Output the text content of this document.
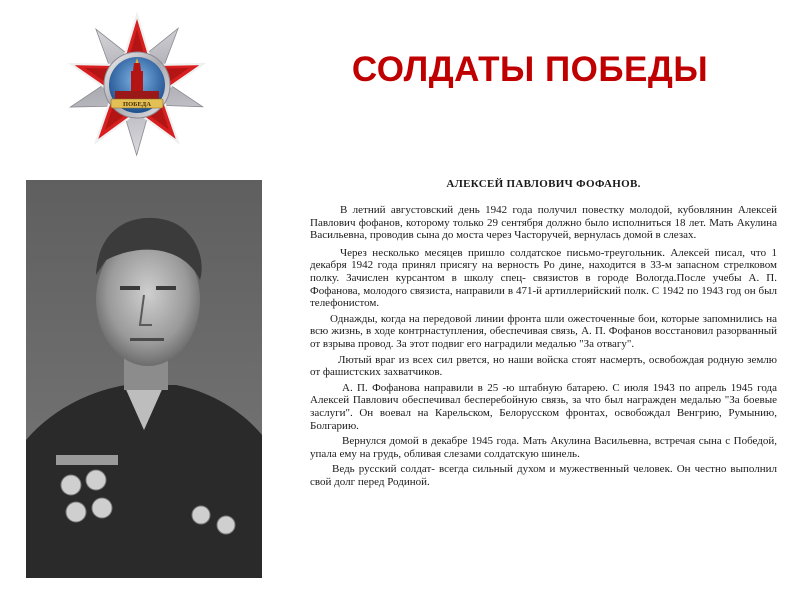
ПОБЕДА
СОЛДАТЫ ПОБЕДЫ
АЛЕКСЕЙ ПАВЛОВИЧ ФОФАНОВ.

В летний августовский день 1942 года получил повестку молодой, кубовлянин Алексей Павлович фофанов, которому только 29 сентября должно было исполниться 18 лет. Мать Акулина Васильевна, проводив сына до моста через Часторучей, вернулась домой в слезах.

Через несколько месяцев пришло солдатское письмо-треугольник. Алексей писал, что 1 декабря 1942 года принял присягу на верность Ро дине, находится в 33-м запасном стрелковом полку. Зачислен курсантом в школу спец- связистов в городе Вологда.После учебы А. П. Фофанова, молодого связиста, направили в 471-й артиллерийский полк. С 1942 по 1943 год он был телефонистом.

Однажды, когда на передовой линии фронта шли ожесточенные бои, которые запомнились на всю жизнь, в ходе контрнаступления, обеспечивая связь, А. П. Фофанов восстановил разорванный от взрыва провод. За этот подвиг его наградили медалью "За отвагу".

Лютый враг из всех сил рвется, но наши войска стоят насмерть, освобождая родную землю от фашистских захватчиков.

А. П. Фофанова направили в 25 -ю штабную батарею. С июля 1943 по апрель 1945 года Алексей Павлович обеспечивал бесперебойную связь, за что был награжден медалью "За боевые заслуги". Он воевал на Карельском, Белорусском фронтах, освобождал Венгрию, Румынию, Болгарию.

Вернулся домой в декабре 1945 года. Мать Акулина Васильевна, встречая сына с Победой, упала ему на грудь, обливая слезами солдатскую шинель.

Ведь русский солдат- всегда сильный духом и мужественный человек. Он честно выполнил свой долг перед Родиной.
